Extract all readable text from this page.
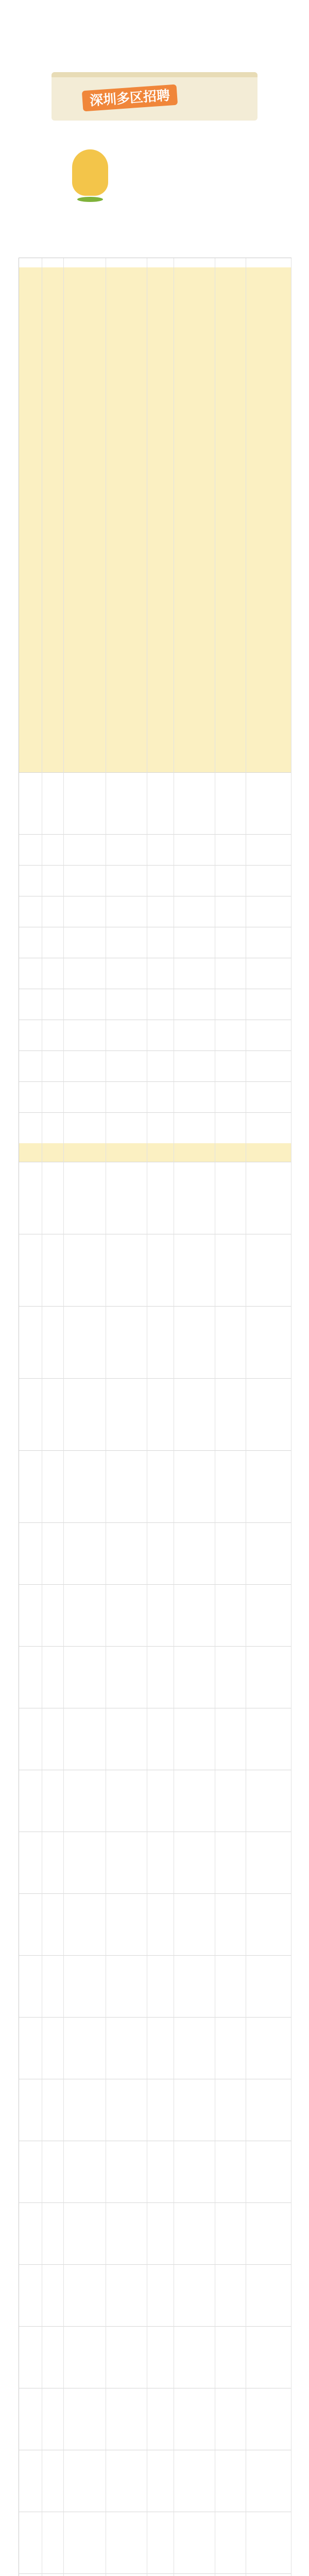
深圳多区招聘
